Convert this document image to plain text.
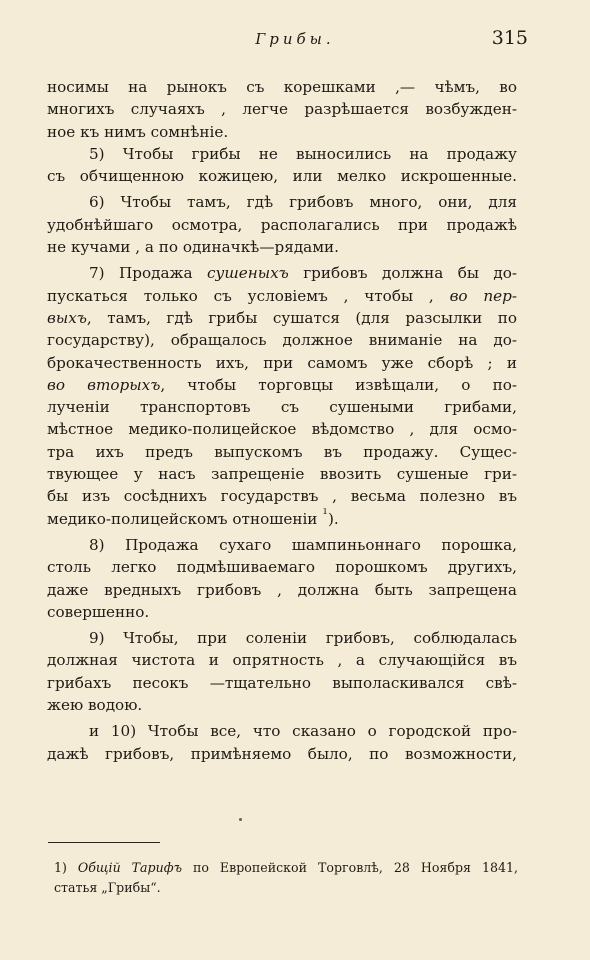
Грибы.	315
носимы на рынокъ съ корешками ,— чѣмъ, во
многихъ случаяхъ , легче разрѣшается возбужден-
ное къ нимъ сомнѣніе.
5) Чтобы грибы не выносились на продажу
съ обчищенною кожицею, или мелко искрошенные.
6) Чтобы тамъ, гдѣ грибовъ много, они, для
удобнѣйшаго осмотра, располагались при продажѣ
не кучами , а по одиначкѣ—рядами.
7) Продажа сушеныхъ грибовъ должна бы до-
пускаться только съ условіемъ , чтобы , во пер-
выхъ, тамъ, гдѣ грибы сушатся (для разсылки по
государству), обращалось должное вниманіе на до-
брокачественность ихъ, при самомъ уже сборѣ ; и
во вторыхъ, чтобы торговцы извѣщали, о по-
лученіи транспортовъ съ сушеными грибами,
мѣстное медико-полицейское вѣдомство , для осмо-
тра ихъ предъ выпускомъ въ продажу. Сущес-
твующее у насъ запрещеніе ввозить сушеные гри-
бы изъ сосѣднихъ государствъ , весьма полезно въ
медико-полицейскомъ отношеніи $^1$).
8) Продажа сухаго шампиньоннаго порошка,
столь легко подмѣшиваемаго порошкомъ другихъ,
даже вредныхъ грибовъ , должна быть запрещена
совершенно.
9) Чтобы, при соленіи грибовъ, соблюдалась
должная чистота и опрятность , а случающійся въ
грибахъ песокъ —тщательно выполаскивался свѣ-
жею водою.
и 10) Чтобы все, что сказано о городской про-
дажѣ грибовъ, примѣняемо было, по возможности,
1) Общій Тарифъ по Европейской Торговлѣ, 28 Ноября 1841,
статья „Грибы“.
